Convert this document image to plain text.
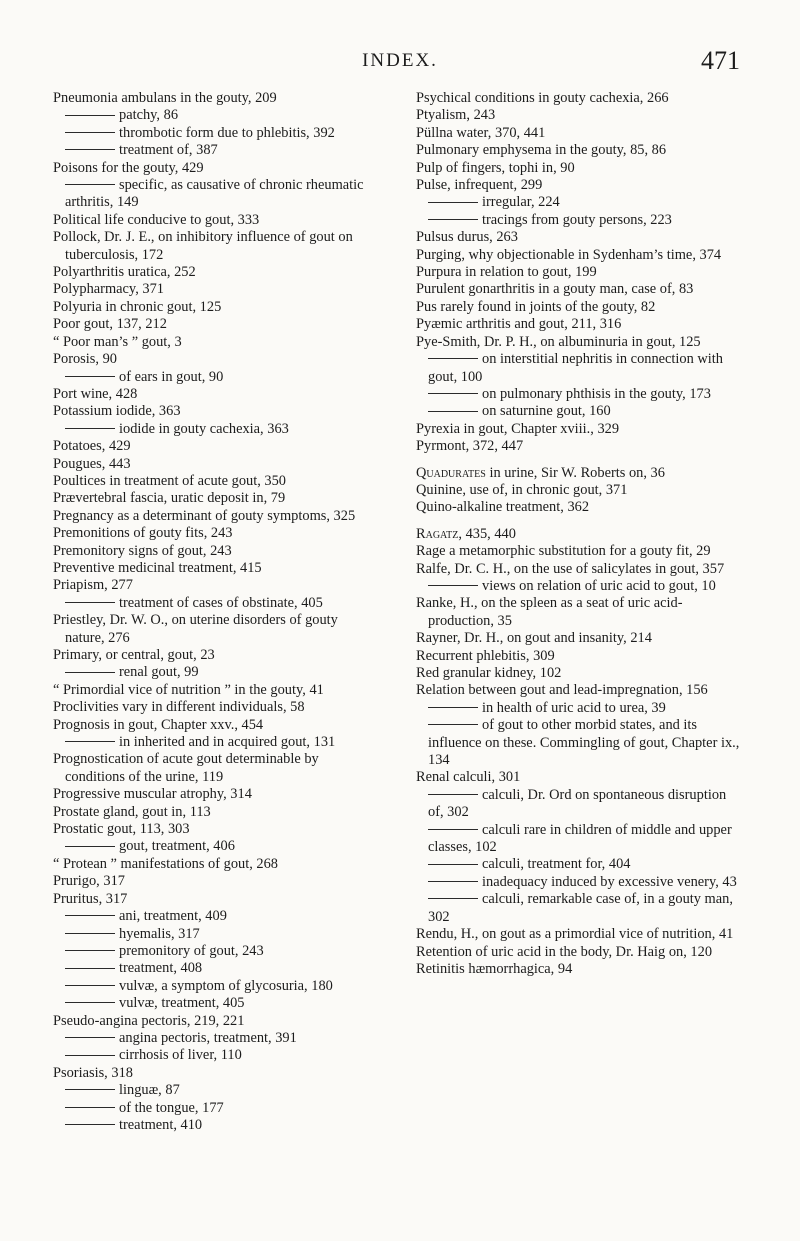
INDEX.	471

Pneumonia ambulans in the gouty, 209

patchy, 86

thrombotic form due to phlebitis, 392

treatment of, 387

Poisons for the gouty, 429

specific, as causative of chronic rheumatic arthritis, 149

Political life conducive to gout, 333

Pollock, Dr. J. E., on inhibitory influence of gout on tuberculosis, 172

Polyarthritis uratica, 252

Polypharmacy, 371

Polyuria in chronic gout, 125

Poor gout, 137, 212

“ Poor man’s ” gout, 3

Porosis, 90

of ears in gout, 90

Port wine, 428

Potassium iodide, 363

iodide in gouty cachexia, 363

Potatoes, 429

Pougues, 443

Poultices in treatment of acute gout, 350

Prævertebral fascia, uratic deposit in, 79

Pregnancy as a determinant of gouty symptoms, 325

Premonitions of gouty fits, 243

Premonitory signs of gout, 243

Preventive medicinal treatment, 415

Priapism, 277

treatment of cases of obstinate, 405

Priestley, Dr. W. O., on uterine disorders of gouty nature, 276

Primary, or central, gout, 23

renal gout, 99

“ Primordial vice of nutrition ” in the gouty, 41

Proclivities vary in different individuals, 58

Prognosis in gout, Chapter xxv., 454

in inherited and in acquired gout, 131

Prognostication of acute gout determinable by conditions of the urine, 119

Progressive muscular atrophy, 314

Prostate gland, gout in, 113

Prostatic gout, 113, 303

gout, treatment, 406

“ Protean ” manifestations of gout, 268

Prurigo, 317

Pruritus, 317

ani, treatment, 409

hyemalis, 317

premonitory of gout, 243

treatment, 408

vulvæ, a symptom of glycosuria, 180

vulvæ, treatment, 405

Pseudo-angina pectoris, 219, 221

angina pectoris, treatment, 391

cirrhosis of liver, 110

Psoriasis, 318

linguæ, 87

of the tongue, 177

treatment, 410

Psychical conditions in gouty cachexia, 266

Ptyalism, 243

Püllna water, 370, 441

Pulmonary emphysema in the gouty, 85, 86

Pulp of fingers, tophi in, 90

Pulse, infrequent, 299

irregular, 224

tracings from gouty persons, 223

Pulsus durus, 263

Purging, why objectionable in Sydenham’s time, 374

Purpura in relation to gout, 199

Purulent gonarthritis in a gouty man, case of, 83

Pus rarely found in joints of the gouty, 82

Pyæmic arthritis and gout, 211, 316

Pye-Smith, Dr. P. H., on albuminuria in gout, 125

on interstitial nephritis in connection with gout, 100

on pulmonary phthisis in the gouty, 173

on saturnine gout, 160

Pyrexia in gout, Chapter xviii., 329

Pyrmont, 372, 447

Quadurates in urine, Sir W. Roberts on, 36

Quinine, use of, in chronic gout, 371

Quino-alkaline treatment, 362

Ragatz, 435, 440

Rage a metamorphic substitution for a gouty fit, 29

Ralfe, Dr. C. H., on the use of salicylates in gout, 357

views on relation of uric acid to gout, 10

Ranke, H., on the spleen as a seat of uric acid-production, 35

Rayner, Dr. H., on gout and insanity, 214

Recurrent phlebitis, 309

Red granular kidney, 102

Relation between gout and lead-impregnation, 156

in health of uric acid to urea, 39

of gout to other morbid states, and its influence on these. Commingling of gout, Chapter ix., 134

Renal calculi, 301

calculi, Dr. Ord on spontaneous disruption of, 302

calculi rare in children of middle and upper classes, 102

calculi, treatment for, 404

inadequacy induced by excessive venery, 43

calculi, remarkable case of, in a gouty man, 302

Rendu, H., on gout as a primordial vice of nutrition, 41

Retention of uric acid in the body, Dr. Haig on, 120

Retinitis hæmorrhagica, 94
